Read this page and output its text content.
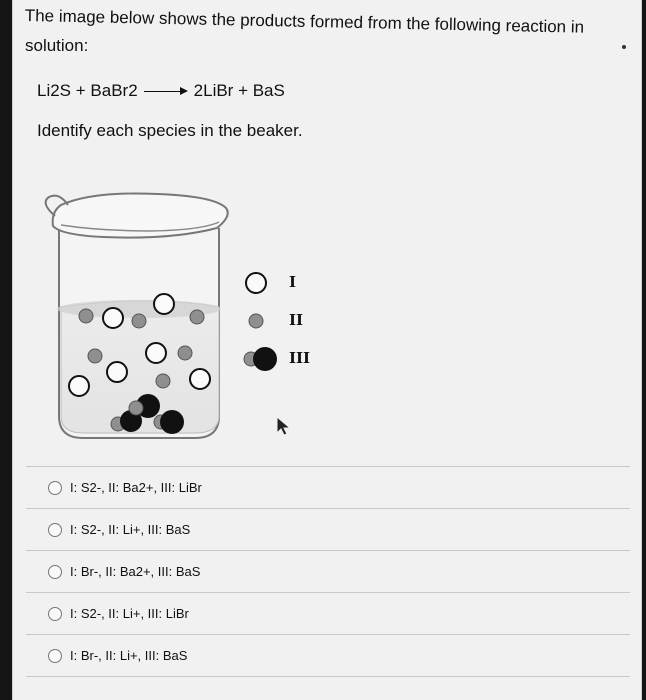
The image below shows the products formed from the following reaction in

solution:

Li2S + BaBr2	2LiBr + BaS
Identify each species in the beaker.
I
II
III
I: S2-, II: Ba2+, III: LiBr
I: S2-, II: Li+, III: BaS
I: Br-, II: Ba2+, III: BaS
I: S2-, II: Li+, III: LiBr
I: Br-, II: Li+, III: BaS
